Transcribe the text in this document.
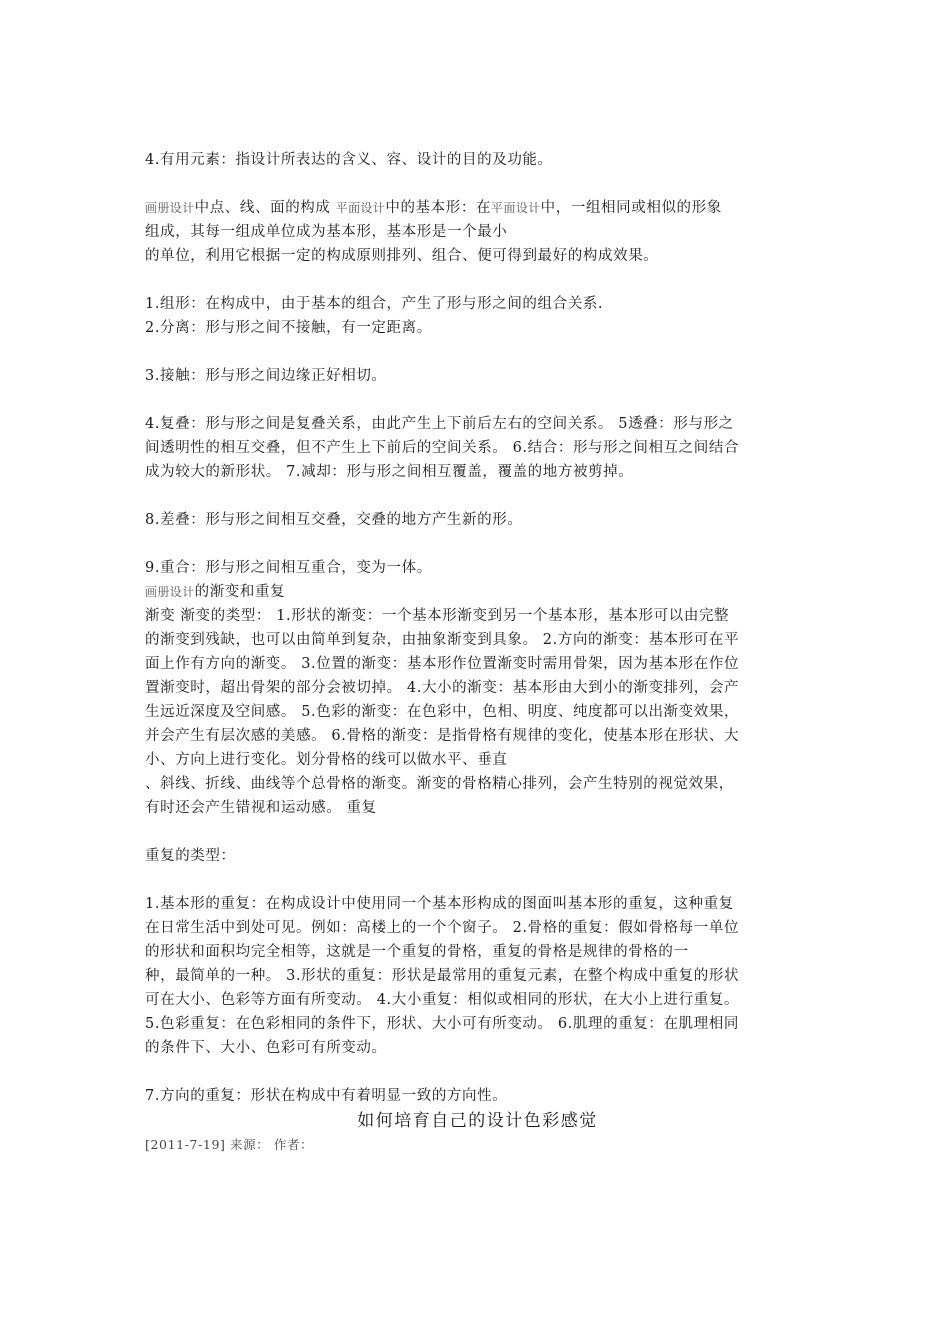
4.有用元素：指设计所表达的含义、容、设计的目的及功能。
画册设计中点、线、面的构成 平面设计中的基本形：在平面设计中，一组相同或相似的形象
组成，其每一组成单位成为基本形，基本形是一个最小
的单位，利用它根据一定的构成原则排列、组合、便可得到最好的构成效果。
1.组形：在构成中，由于基本的组合，产生了形与形之间的组合关系.
2.分离：形与形之间不接触，有一定距离。
3.接触：形与形之间边缘正好相切。
4.复叠：形与形之间是复叠关系，由此产生上下前后左右的空间关系。 5透叠：形与形之
间透明性的相互交叠，但不产生上下前后的空间关系。 6.结合：形与形之间相互之间结合
成为较大的新形状。 7.减却：形与形之间相互覆盖，覆盖的地方被剪掉。
8.差叠：形与形之间相互交叠，交叠的地方产生新的形。
9.重合：形与形之间相互重合，变为一体。
画册设计的渐变和重复
渐变 渐变的类型： 1.形状的渐变：一个基本形渐变到另一个基本形，基本形可以由完整
的渐变到残缺，也可以由简单到复杂，由抽象渐变到具象。 2.方向的渐变：基本形可在平
面上作有方向的渐变。 3.位置的渐变：基本形作位置渐变时需用骨架，因为基本形在作位
置渐变时，超出骨架的部分会被切掉。 4.大小的渐变：基本形由大到小的渐变排列，会产
生远近深度及空间感。 5.色彩的渐变：在色彩中，色相、明度、纯度都可以出渐变效果，
并会产生有层次感的美感。 6.骨格的渐变：是指骨格有规律的变化，使基本形在形状、大
小、方向上进行变化。划分骨格的线可以做水平、垂直
、斜线、折线、曲线等个总骨格的渐变。渐变的骨格精心排列，会产生特别的视觉效果，
有时还会产生错视和运动感。 重复
重复的类型：
1.基本形的重复：在构成设计中使用同一个基本形构成的图面叫基本形的重复，这种重复
在日常生活中到处可见。例如：高楼上的一个个窗子。 2.骨格的重复：假如骨格每一单位
的形状和面积均完全相等，这就是一个重复的骨格，重复的骨格是规律的骨格的一
种，最简单的一种。 3.形状的重复：形状是最常用的重复元素，在整个构成中重复的形状
可在大小、色彩等方面有所变动。 4.大小重复：相似或相同的形状，在大小上进行重复。
5.色彩重复：在色彩相同的条件下，形状、大小可有所变动。 6.肌理的重复：在肌理相同
的条件下、大小、色彩可有所变动。
7.方向的重复：形状在构成中有着明显一致的方向性。
如何培育自己的设计色彩感觉
[2011-7-19] 来源： 作者：
